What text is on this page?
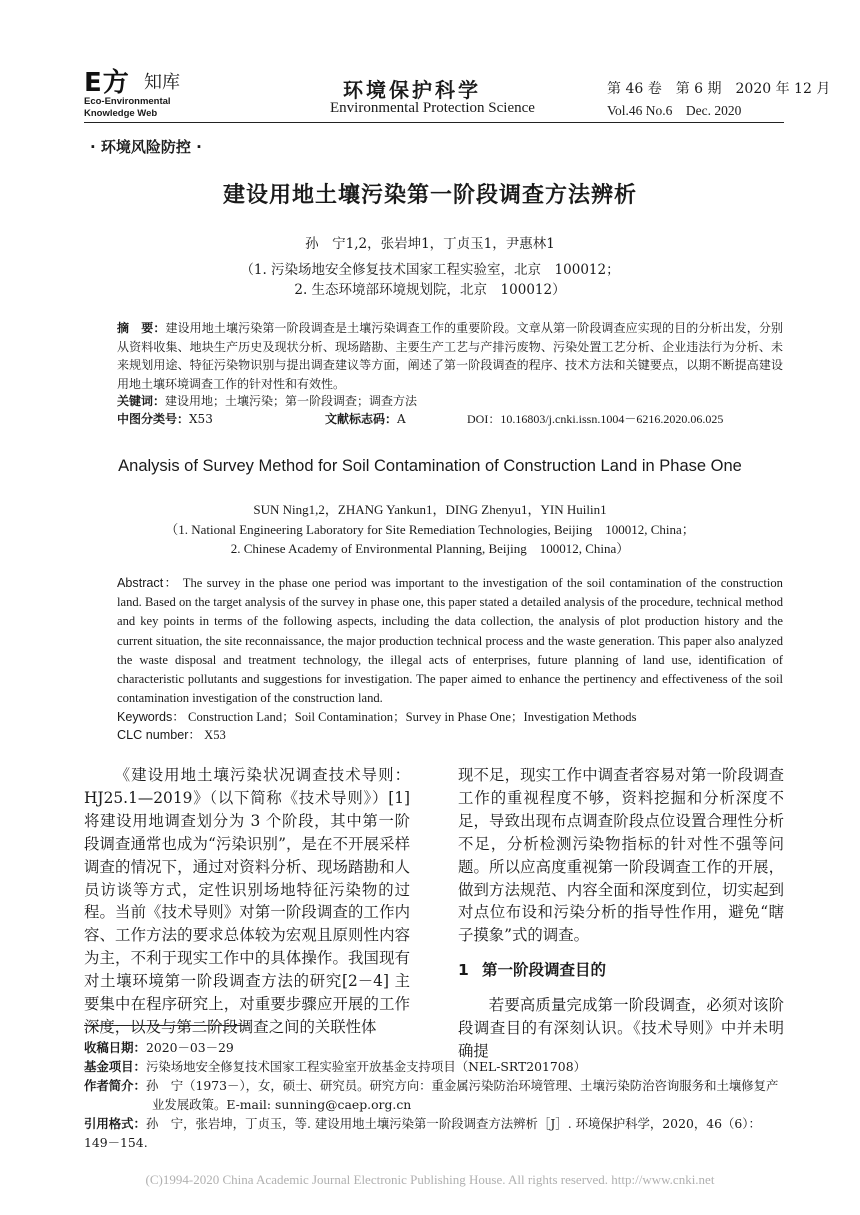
E方 知库
Eco-Environmental
Knowledge Web
环境保护科学
Environmental Protection Science
第 46 卷　第 6 期　2020 年 12 月
Vol.46 No.6　Dec. 2020
· 环境风险防控 ·
建设用地土壤污染第一阶段调查方法辨析
孙　宁1,2，张岩坤1，丁贞玉1，尹惠林1
（1. 污染场地安全修复技术国家工程实验室，北京　100012；
2. 生态环境部环境规划院，北京　100012）
摘　要：建设用地土壤污染第一阶段调查是土壤污染调查工作的重要阶段。文章从第一阶段调查应实现的目的分析出发，分别从资料收集、地块生产历史及现状分析、现场踏勘、主要生产工艺与产排污废物、污染处置工艺分析、企业违法行为分析、未来规划用途、特征污染物识别与提出调查建议等方面，阐述了第一阶段调查的程序、技术方法和关键要点，以期不断提高建设用地土壤环境调查工作的针对性和有效性。
关键词：建设用地；土壤污染；第一阶段调查；调查方法
中图分类号：X53	文献标志码：A	DOI：10.16803/j.cnki.issn.1004－6216.2020.06.025
Analysis of Survey Method for Soil Contamination of Construction Land in Phase One
SUN Ning1,2，ZHANG Yankun1，DING Zhenyu1，YIN Huilin1
（1. National Engineering Laboratory for Site Remediation Technologies, Beijing　100012, China；
2. Chinese Academy of Environmental Planning, Beijing　100012, China）
Abstract： The survey in the phase one period was important to the investigation of the soil contamination of the construction land. Based on the target analysis of the survey in phase one, this paper stated a detailed analysis of the procedure, technical method and key points in terms of the following aspects, including the data collection, the analysis of plot production history and the current situation, the site reconnaissance, the major production technical process and the waste generation. This paper also analyzed the waste disposal and treatment technology, the illegal acts of enterprises, future planning of land use, identification of characteristic pollutants and suggestions for investigation. The paper aimed to enhance the pertinency and effectiveness of the soil contamination investigation of the construction land.
Keywords： Construction Land；Soil Contamination；Survey in Phase One；Investigation Methods
CLC number： X53

《建设用地土壤污染状况调查技术导则：HJ25.1—2019》（以下简称《技术导则》）[1] 将建设用地调查划分为 3 个阶段，其中第一阶段调查通常也成为“污染识别”，是在不开展采样调查的情况下，通过对资料分析、现场踏勘和人员访谈等方式，定性识别场地特征污染物的过程。当前《技术导则》对第一阶段调查的工作内容、工作方法的要求总体较为宏观且原则性内容为主，不利于现实工作中的具体操作。我国现有对土壤环境第一阶段调查方法的研究[2－4] 主要集中在程序研究上，对重要步骤应开展的工作深度，以及与第二阶段调查之间的关联性体

现不足，现实工作中调查者容易对第一阶段调查工作的重视程度不够，资料挖掘和分析深度不足，导致出现布点调查阶段点位设置合理性分析不足，分析检测污染物指标的针对性不强等问题。所以应高度重视第一阶段调查工作的开展，做到方法规范、内容全面和深度到位，切实起到对点位布设和污染分析的指导性作用，避免“瞎子摸象”式的调查。

1 第一阶段调查目的

若要高质量完成第一阶段调查，必须对该阶段调查目的有深刻认识。《技术导则》中并未明确提

收稿日期：2020－03－29
基金项目：污染场地安全修复技术国家工程实验室开放基金支持项目（NEL-SRT201708）
作者简介：孙　宁（1973－），女，硕士、研究员。研究方向：重金属污染防治环境管理、土壤污染防治咨询服务和土壤修复产
业发展政策。E-mail: sunning@caep.org.cn
引用格式：孙　宁，张岩坤，丁贞玉，等. 建设用地土壤污染第一阶段调查方法辨析［J］. 环境保护科学，2020，46（6）：149－154.
(C)1994-2020 China Academic Journal Electronic Publishing House. All rights reserved. http://www.cnki.net
